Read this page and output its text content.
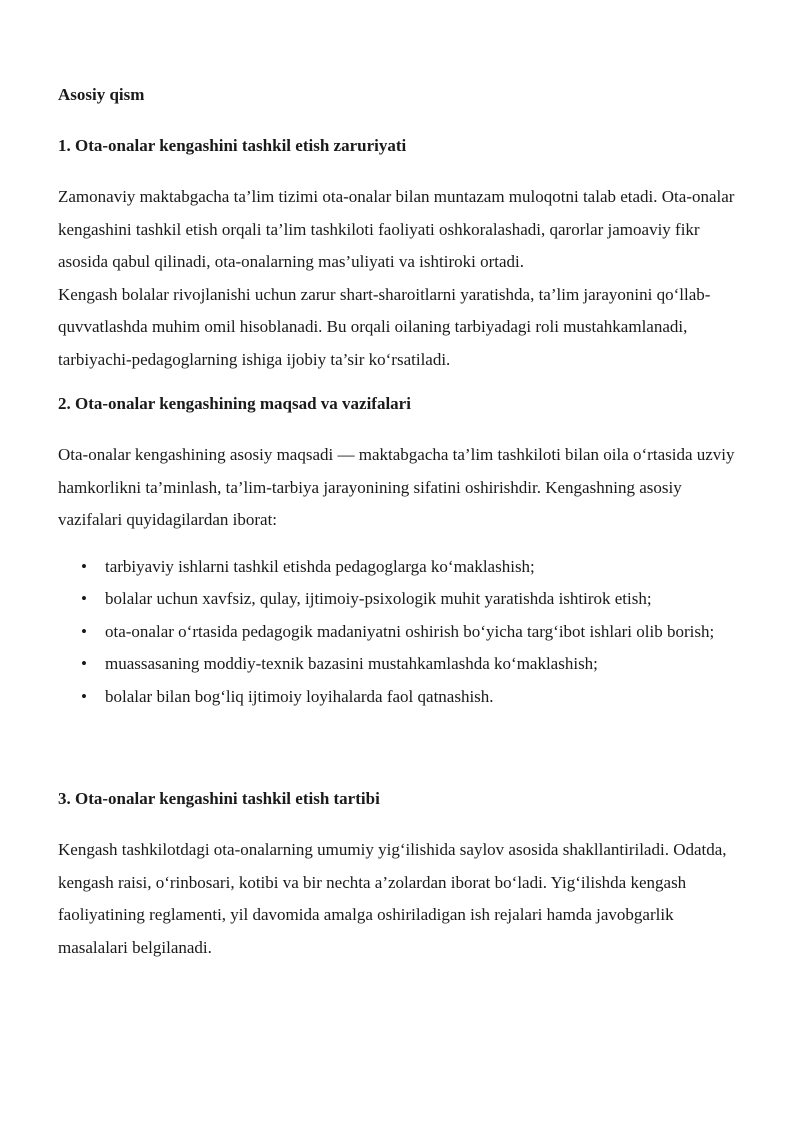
Asosiy qism
1. Ota-onalar kengashini tashkil etish zaruriyati

Zamonaviy maktabgacha ta’lim tizimi ota-onalar bilan muntazam muloqotni talab etadi. Ota-onalar kengashini tashkil etish orqali ta’lim tashkiloti faoliyati oshkoralashadi, qarorlar jamoaviy fikr asosida qabul qilinadi, ota-onalarning mas’uliyati va ishtiroki ortadi.

Kengash bolalar rivojlanishi uchun zarur shart-sharoitlarni yaratishda, ta’lim jarayonini qo‘llab-quvvatlashda muhim omil hisoblanadi. Bu orqali oilaning tarbiyadagi roli mustahkamlanadi, tarbiyachi-pedagoglarning ishiga ijobiy ta’sir ko‘rsatiladi.

2. Ota-onalar kengashining maqsad va vazifalari

Ota-onalar kengashining asosiy maqsadi — maktabgacha ta’lim tashkiloti bilan oila o‘rtasida uzviy hamkorlikni ta’minlash, ta’lim-tarbiya jarayonining sifatini oshirishdir. Kengashning asosiy vazifalari quyidagilardan iborat:

• tarbiyaviy ishlarni tashkil etishda pedagoglarga ko‘maklashish;
• bolalar uchun xavfsiz, qulay, ijtimoiy-psixologik muhit yaratishda ishtirok etish;
• ota-onalar o‘rtasida pedagogik madaniyatni oshirish bo‘yicha targ‘ibot ishlari olib borish;
• muassasaning moddiy-texnik bazasini mustahkamlashda ko‘maklashish;
• bolalar bilan bog‘liq ijtimoiy loyihalarda faol qatnashish.
3. Ota-onalar kengashini tashkil etish tartibi

Kengash tashkilotdagi ota-onalarning umumiy yig‘ilishida saylov asosida shakllantiriladi. Odatda, kengash raisi, o‘rinbosari, kotibi va bir nechta a’zolardan iborat bo‘ladi. Yig‘ilishda kengash faoliyatining reglamenti, yil davomida amalga oshiriladigan ish rejalari hamda javobgarlik masalalari belgilanadi.
